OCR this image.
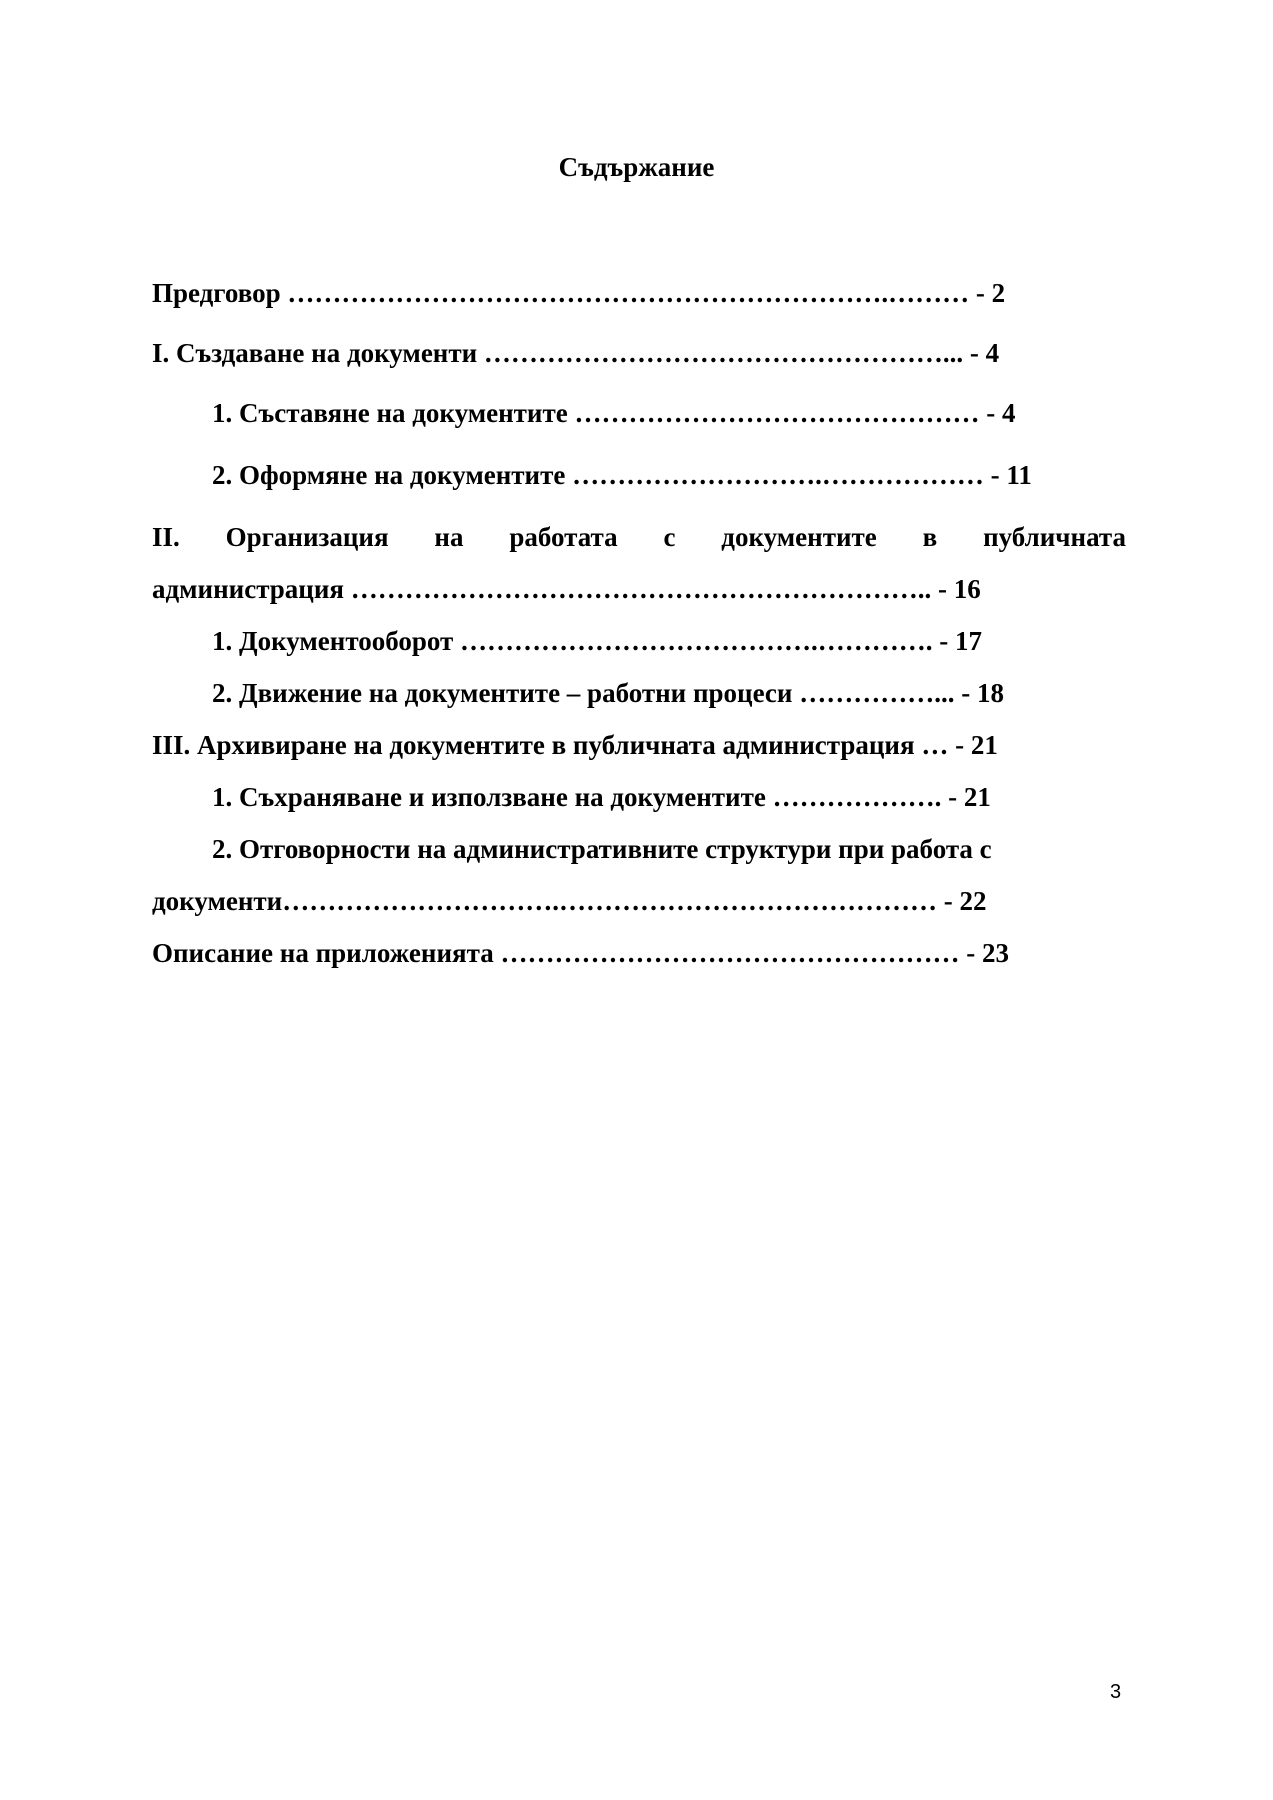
Съдържание
Предговор ………………………………………………………….……… - 2
I. Създаване на документи ……………………………………………... - 4
1. Съставяне на документите ……………………………………… - 4
2. Оформяне на документите ……………………….……………… - 11
II. Организация на работата с документите в публичната
администрация ……………………………………………………….. - 16
1. Документооборот ………………………………….…………. - 17
2. Движение на документите – работни процеси ……………... - 18
III. Архивиране на документите в публичната администрация … - 21
1. Съхраняване и използване на документите ………………. - 21
2. Отговорности на административните структури при работа с
документи………………………….…………………………………… - 22
Описание на приложенията …………………………………………… - 23
3
